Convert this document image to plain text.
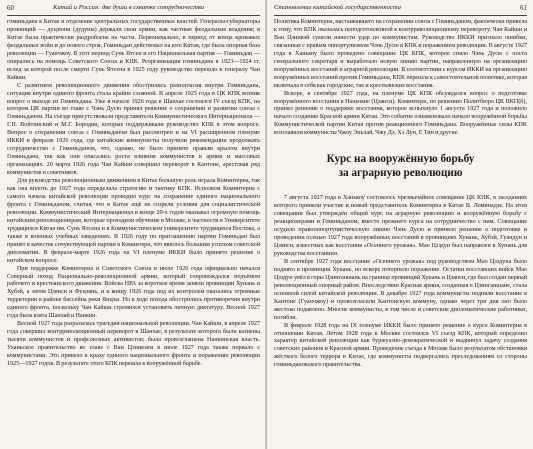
60	Китай и Россия: две души в схватке сотрудничества

гоминьдана в Китае и отделение центральных государственных властей. Генералы-губернаторы провинций — дуцзюни (дудуны) держали свои армии, как частные феодальные владения; в Китае была практически раздроблена на части. Первоначально, в период от конца кровавых феодальных войн и до нового строя, Гоминьдан действовал на юге Китая, где была опорная база революции — Гуанчжоу. В этот период Сунь Ятсен и его Национальная партия — Гоминьдан — опирались на помощь Советского Союза и КПК. Реорганизация гоминьдана в 1923—1924 гг. вслед за которой после смерти Сунь Ятсена в 1925 году руководство перешло к генералу Чан Кайши.

С развитием революционного движения обострились разногласия внутри Гоминьдана, ситуация внутри единого фронта стала крайне сложной. В апреле 1925 года в ЦК КПК возник вопрос о выходе из Гоминьдана. Уже в начале 1926 года в Шанхае состоялся IV съезд КПК, на котором ЦК партии во главе с Чэнь Дусю принял решение о сохранении и развитии союза с Гоминьданом. На съезде присутствовали представители Коммунистического Интернационала — Г.Н. Войтинский и М.Г. Бородин, которые поддерживали руководство КПК в этом вопросе. Вопрос о сохранении союза с Гоминьданом был рассмотрен и на VI расширенном пленуме ИККИ в феврале 1926 года, где китайские коммунисты получили рекомендации продолжать сотрудничество с Гоминьданом, что, однако, не было принято правым крылом внутри Гоминьдана, так как они опасались роста влияния коммунистов в армии и массовых организациях. 20 марта 1926 года Чан Кайши совершил переворот в Кантоне, арестовав ряд коммунистов и советников.

Для руководства революционным движением в Китае большую роль играла Коминтерна, так как она вплоть до 1927 года определяла стратегию и тактику КПК. Исполком Коминтерна с самого начала китайской революции проводил курс на сохранение единого национального фронта с Гоминьданом, считая, что в Китае ещё не созрели условия для социалистической революции. Коммунистический Интернационал в конце 20-х годов оказывал огромную помощь китайским революционерам, которые проходили обучение в Москве, в частности в Университете трудящихся Китая им. Сунь Ятсена и в Коммунистическом университете трудящихся Востока, а также в военных учебных заведениях. В 1926 году по приглашению партии Гоминьдан был принят в качестве сочувствующей партии в Коминтерн, что явилось большим успехом советской дипломатии. В феврале-марте 1926 года на VI пленуме ИККИ было принято решение о китайском вопросе.

При поддержке Коминтерна и Советского Союза в июле 1926 года официально начался Северный поход Национально-революционной армии, который сопровождался подъёмом рабочего и крестьянского движения. Войска НРА за короткое время заняли провинции Хунань и Хубэй, а затем Цзянси и Фуцзянь, и к концу 1926 года под их контролем оказались огромные территории в районе бассейна реки Янцзы. Но в ходе похода обострились противоречия внутри единого фронта, поскольку Чан Кайши стремился установить личную диктатуру. Весной 1927 года была взята Шанхай и Нанкин.

Весной 1927 года разразилась трагедия национальной революции. Чан Кайши, в апреле 1927 года совершил контрреволюционный переворот в Шанхае, в результате которого были казнены тысячи коммунистов и профсоюзных активистов; была провозглашена Нанкинская власть. Уханьское правительство во главе с Ван Цзинвэем в июле 1927 года также порвало с коммунистами. Это привело к краху единого национального фронта и поражению революции 1925—1927 годов. В результате этого КПК перешла к вооружённой борьбе.

Становление китайской государственности	61

Политика Коминтерна, настаивавшего на сохранении союза с Гоминьданом, фактически привела к тому, что КПК оказалась неподготовленной к контрреволюционному перевороту. Чан Кайши и Ван Цзинвэй сумели нанести удар по коммунистам. Руководство ИККИ признало ошибки, связанные с правым оппортунизмом Чэнь Дусю в КПК и поражением революции. В августе 1927 года в Ханькоу было проведено совещание ЦК КПК, которое сняло Чэнь Дусю с поста генерального секретаря и выработало новую линию партии, направленную на организацию вооружённых восстаний и аграрной революции. В соответствии с курсом ИККИ на организацию вооружённых восстаний против Гоминьдана, КПК перешла к самостоятельной политике, которая включала в себя как городские, так и крестьянские восстания.

Вскоре, в сентябре 1927 года, на пленуме ЦК КПК обсуждался вопрос о подготовке вооружённого восстания в Наньчане (Цзянси). Коминтерн, по решению Политбюро ЦК ВКП(б), принял решение о поддержке восстания, которое вспыхнуло 1 августа 1927 года и положило начало созданию Красной армии Китая. Это событие ознаменовало начало вооружённой борьбы Коммунистической партии Китая против реакционного Гоминьдана. Вооружённые силы КПК возглавили коммунисты Чжоу Эньлай, Чжу Дэ, Хэ Лун, Е Тин и другие.

Курс на вооружённую борьбу
за аграрную революцию

7 августа 1927 года в Ханькоу состоялось чрезвычайное совещание ЦК КПК, в заседаниях которого приняли участие и новый представитель Коминтерна в Китае В. Ломинадзе. На этом совещании был утверждён общий курс на аграрную революцию и вооружённую борьбу с реакционерами и Гоминьданом, вместо прежнего курса на сотрудничество с ним. Совещание осудило правооппортунистическую линию Чэнь Дусю и приняло решение о подготовке и проведении осенью 1927 года вооружённых восстаний в провинциях Хунань, Хубэй, Гуандун и Цзянси, известных как восстания «Осеннего урожая». Мао Цзэдун был направлен в Хунань для руководства восстанием.

В сентябре 1927 года восстание «Осеннего урожая» под руководством Мао Цзэдуна было поднято в провинции Хунань, но вскоре потерпело поражение. Остатки восставших войск Мао Цзэдун увёл в горы Цзинганшань на границе провинций Хунань и Цзянси, где был создан первый революционный опорный район. Впоследствии Красная армия, созданная в Цзинганшане, стала основной силой китайской революции. В декабре 1927 года коммунисты подняли восстание в Кантоне (Гуанчжоу) и провозгласили Кантонскую коммуну, однако через три дня оно было жестоко подавлено. Многие коммунисты, в том числе и советские дипломатические работники, погибли.

В феврале 1928 года на IX пленуме ИККИ было принято решение о курсе Коминтерна в отношении Китая. Летом 1928 года в Москве состоялся VI съезд КПК, который определил характер китайской революции как буржуазно-демократической и выдвинул задачу создания советских районов и Красной армии. Проведение съезда в Москве было результатом обстановки жёсткого белого террора в Китае, где коммунисты подвергались преследованиям со стороны гоминьдановского правительства.
